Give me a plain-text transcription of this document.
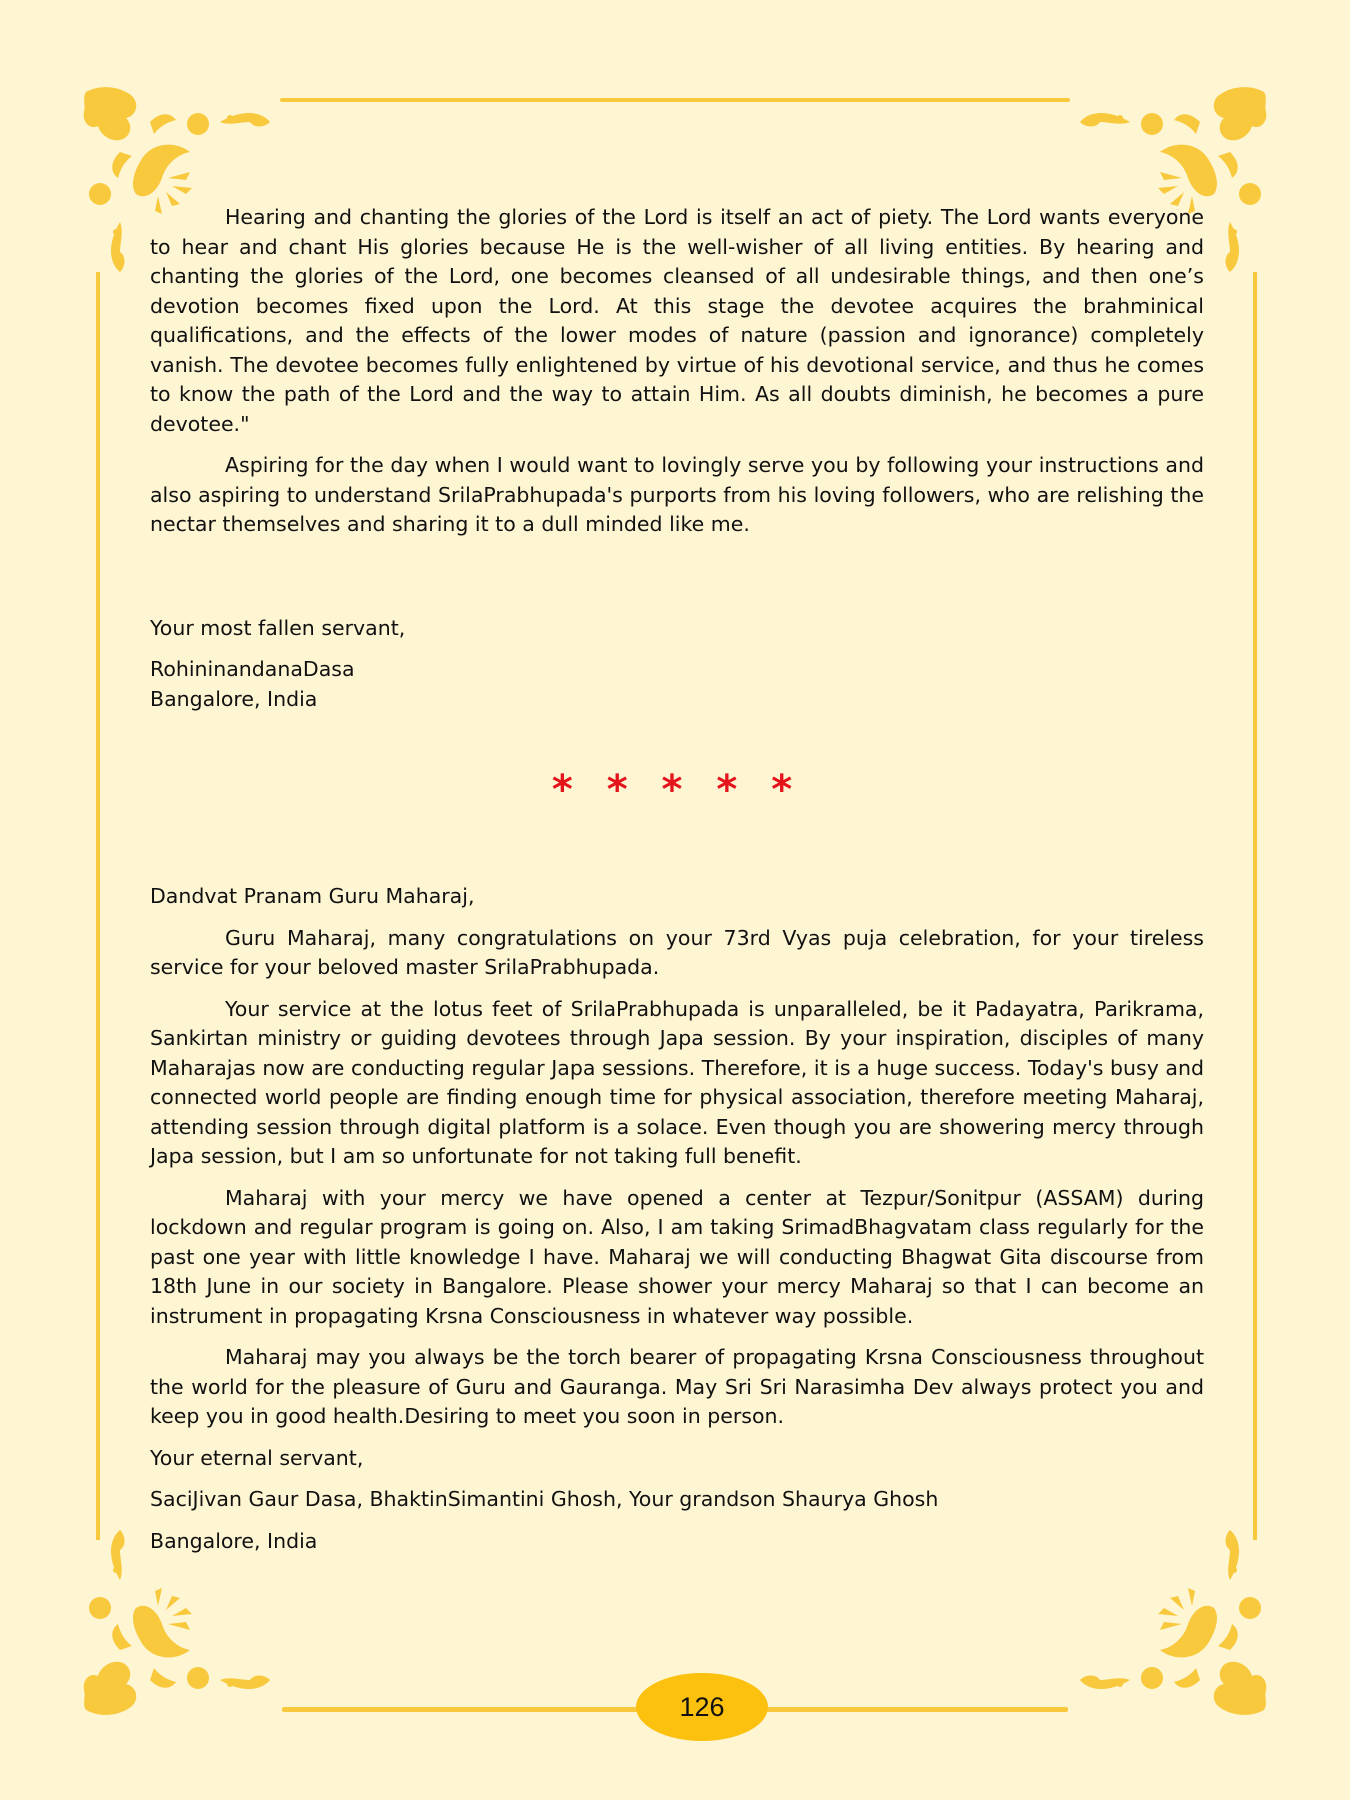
Hearing and chanting the glories of the Lord is itself an act of piety. The Lord wants everyone to hear and chant His glories because He is the well-wisher of all living entities. By hearing and chanting the glories of the Lord, one becomes cleansed of all undesirable things, and then one’s devotion becomes fixed upon the Lord. At this stage the devotee acquires the brahminical qualifications, and the effects of the lower modes of nature (passion and ignorance) completely vanish. The devotee becomes fully enlightened by virtue of his devotional service, and thus he comes to know the path of the Lord and the way to attain Him. As all doubts diminish, he becomes a pure devotee."

Aspiring for the day when I would want to lovingly serve you by following your instructions and also aspiring to understand SrilaPrabhupada's purports from his loving followers, who are relishing the nectar themselves and sharing it to a dull minded like me.

Your most fallen servant,

RohininandanaDasa

Bangalore, India

* * * * *

Dandvat Pranam Guru Maharaj,

Guru Maharaj, many congratulations on your 73rd Vyas puja celebration, for your tireless service for your beloved master SrilaPrabhupada.

Your service at the lotus feet of SrilaPrabhupada is unparalleled, be it Padayatra, Parikrama, Sankirtan ministry or guiding devotees through Japa session. By your inspiration, disciples of many Maharajas now are conducting regular Japa sessions. Therefore, it is a huge success. Today's busy and connected world people are finding enough time for physical association, therefore meeting Maharaj, attending session through digital platform is a solace. Even though you are showering mercy through Japa session, but I am so unfortunate for not taking full benefit.

Maharaj with your mercy we have opened a center at Tezpur/Sonitpur (ASSAM) during lockdown and regular program is going on. Also, I am taking SrimadBhagvatam class regularly for the past one year with little knowledge I have. Maharaj we will conducting Bhagwat Gita discourse from 18th June in our society in Bangalore. Please shower your mercy Maharaj so that I can become an instrument in propagating Krsna Consciousness in whatever way possible.

Maharaj may you always be the torch bearer of propagating Krsna Consciousness throughout the world for the pleasure of Guru and Gauranga. May Sri Sri Narasimha Dev always protect you and keep you in good health.Desiring to meet you soon in person.

Your eternal servant,

SaciJivan Gaur Dasa, BhaktinSimantini Ghosh, Your grandson Shaurya Ghosh

Bangalore, India

126
